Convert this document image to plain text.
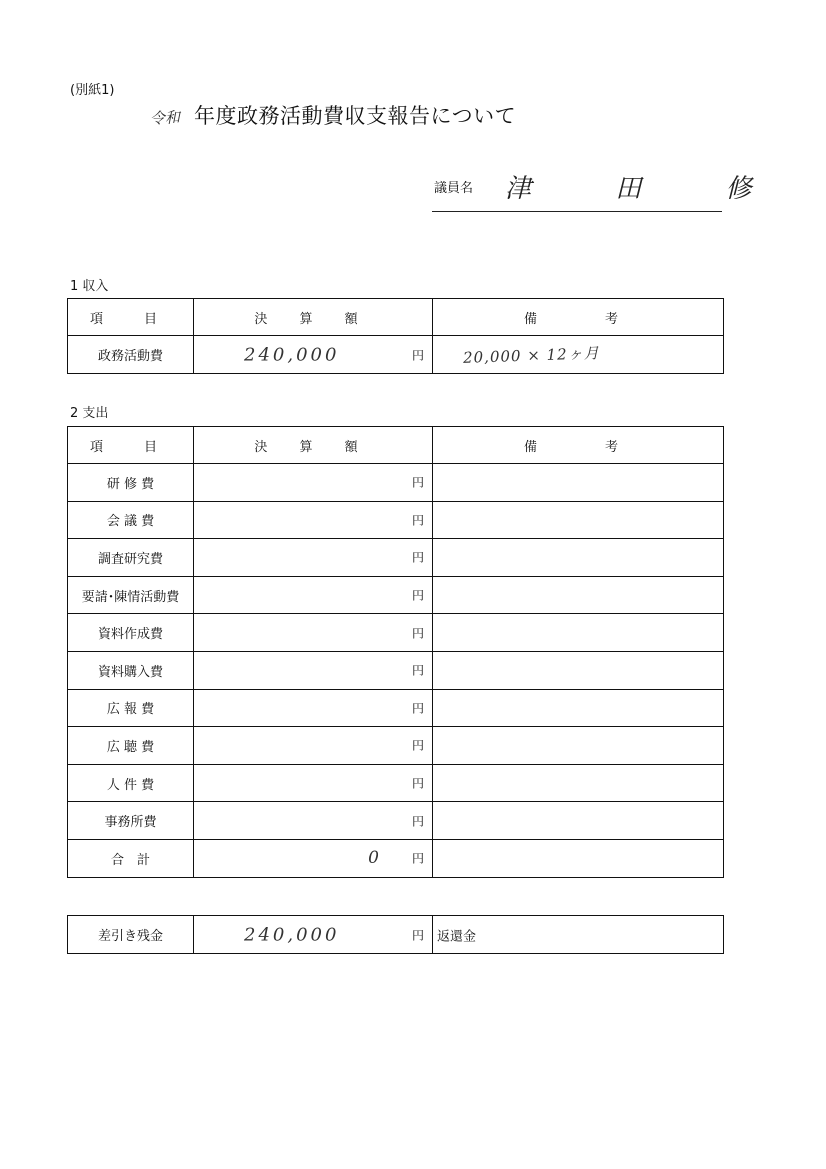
(別紙1)
令和 年度政務活動費収支報告について
議員名 津 田 修
1 収入
項　目	決 算 額	備　　考
政務活動費	240,000 円	20,000 × 12ヶ月
2 支出
項　目	決 算 額	備　　考
研 修 費	円	

会 議 費	円	

調査研究費	円	

要請･陳情活動費	円	

資料作成費	円	

資料購入費	円	

広 報 費	円	

広 聴 費	円	

人 件 費	円	

事務所費	円	

合　計	0 円	

差引き残金	240,000	円	返還金
